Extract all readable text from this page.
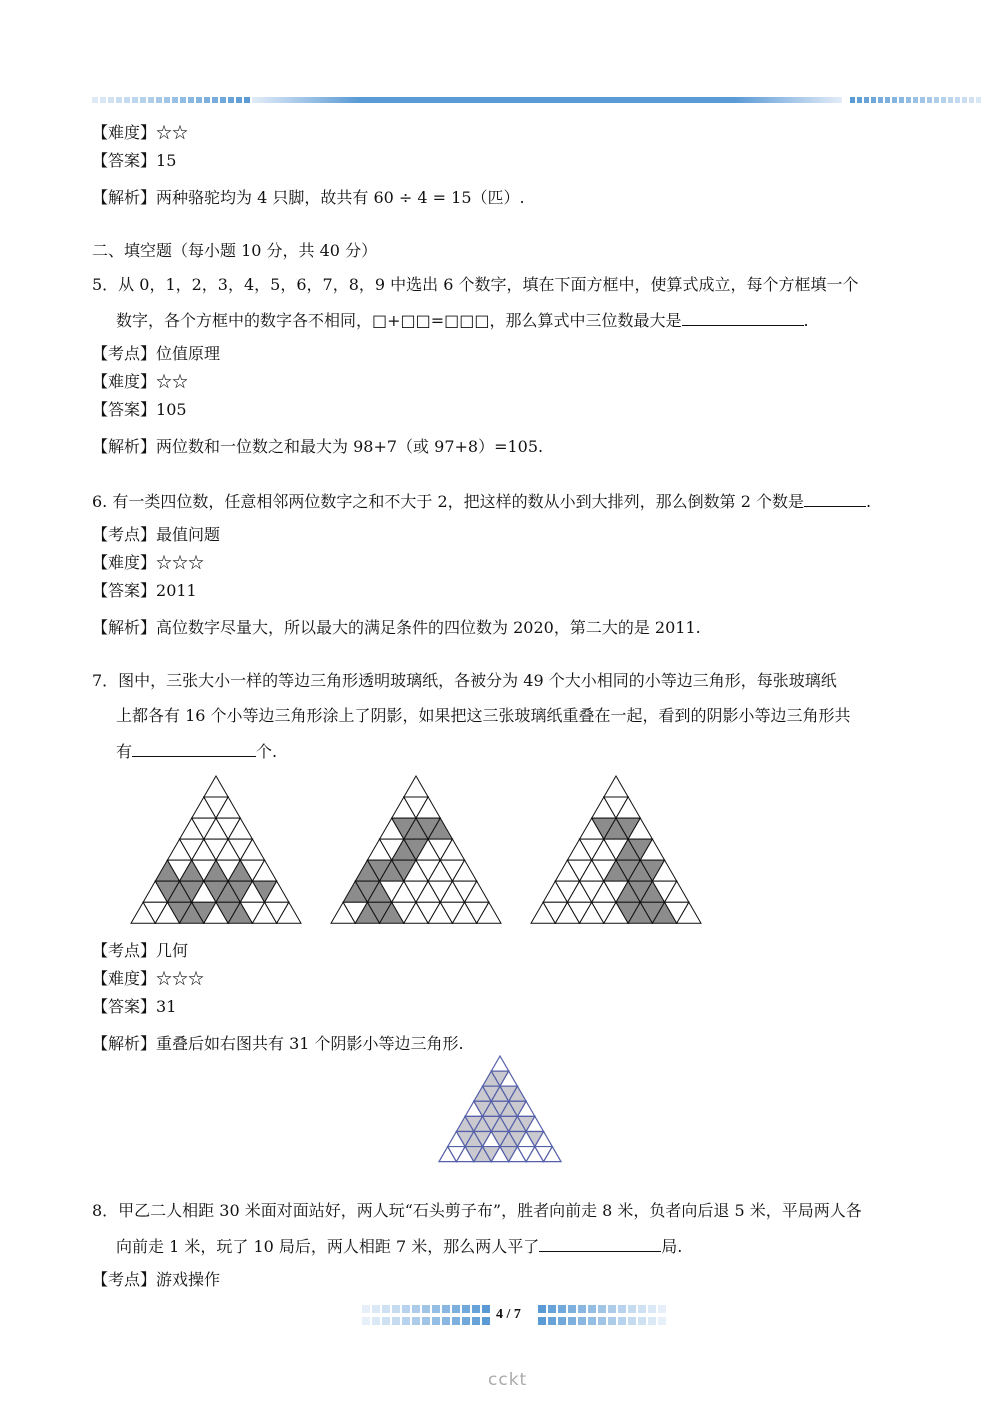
【难度】☆☆
【答案】15
【解析】两种骆驼均为 4 只脚，故共有 60 ÷ 4 = 15（匹）.
二、填空题（每小题 10 分，共 40 分）
5．从 0，1，2，3，4，5，6，7，8，9 中选出 6 个数字，填在下面方框中，使算式成立，每个方框填一个
数字，各个方框中的数字各不相同，□+□□=□□□，那么算式中三位数最大是	.
【考点】位值原理
【难度】☆☆
【答案】105
【解析】两位数和一位数之和最大为 98+7（或 97+8）=105.
6. 有一类四位数，任意相邻两位数字之和不大于 2，把这样的数从小到大排列，那么倒数第 2 个数是	.
【考点】最值问题
【难度】☆☆☆
【答案】2011
【解析】高位数字尽量大，所以最大的满足条件的四位数为 2020，第二大的是 2011.
7．图中，三张大小一样的等边三角形透明玻璃纸，各被分为 49 个大小相同的小等边三角形，每张玻璃纸
上都各有 16 个小等边三角形涂上了阴影，如果把这三张玻璃纸重叠在一起，看到的阴影小等边三角形共
有	个.
【考点】几何
【难度】☆☆☆
【答案】31
【解析】重叠后如右图共有 31 个阴影小等边三角形.
8．甲乙二人相距 30 米面对面站好，两人玩“石头剪子布”，胜者向前走 8 米，负者向后退 5 米，平局两人各
向前走 1 米，玩了 10 局后，两人相距 7 米，那么两人平了	局.
【考点】游戏操作
4 / 7
cckt
